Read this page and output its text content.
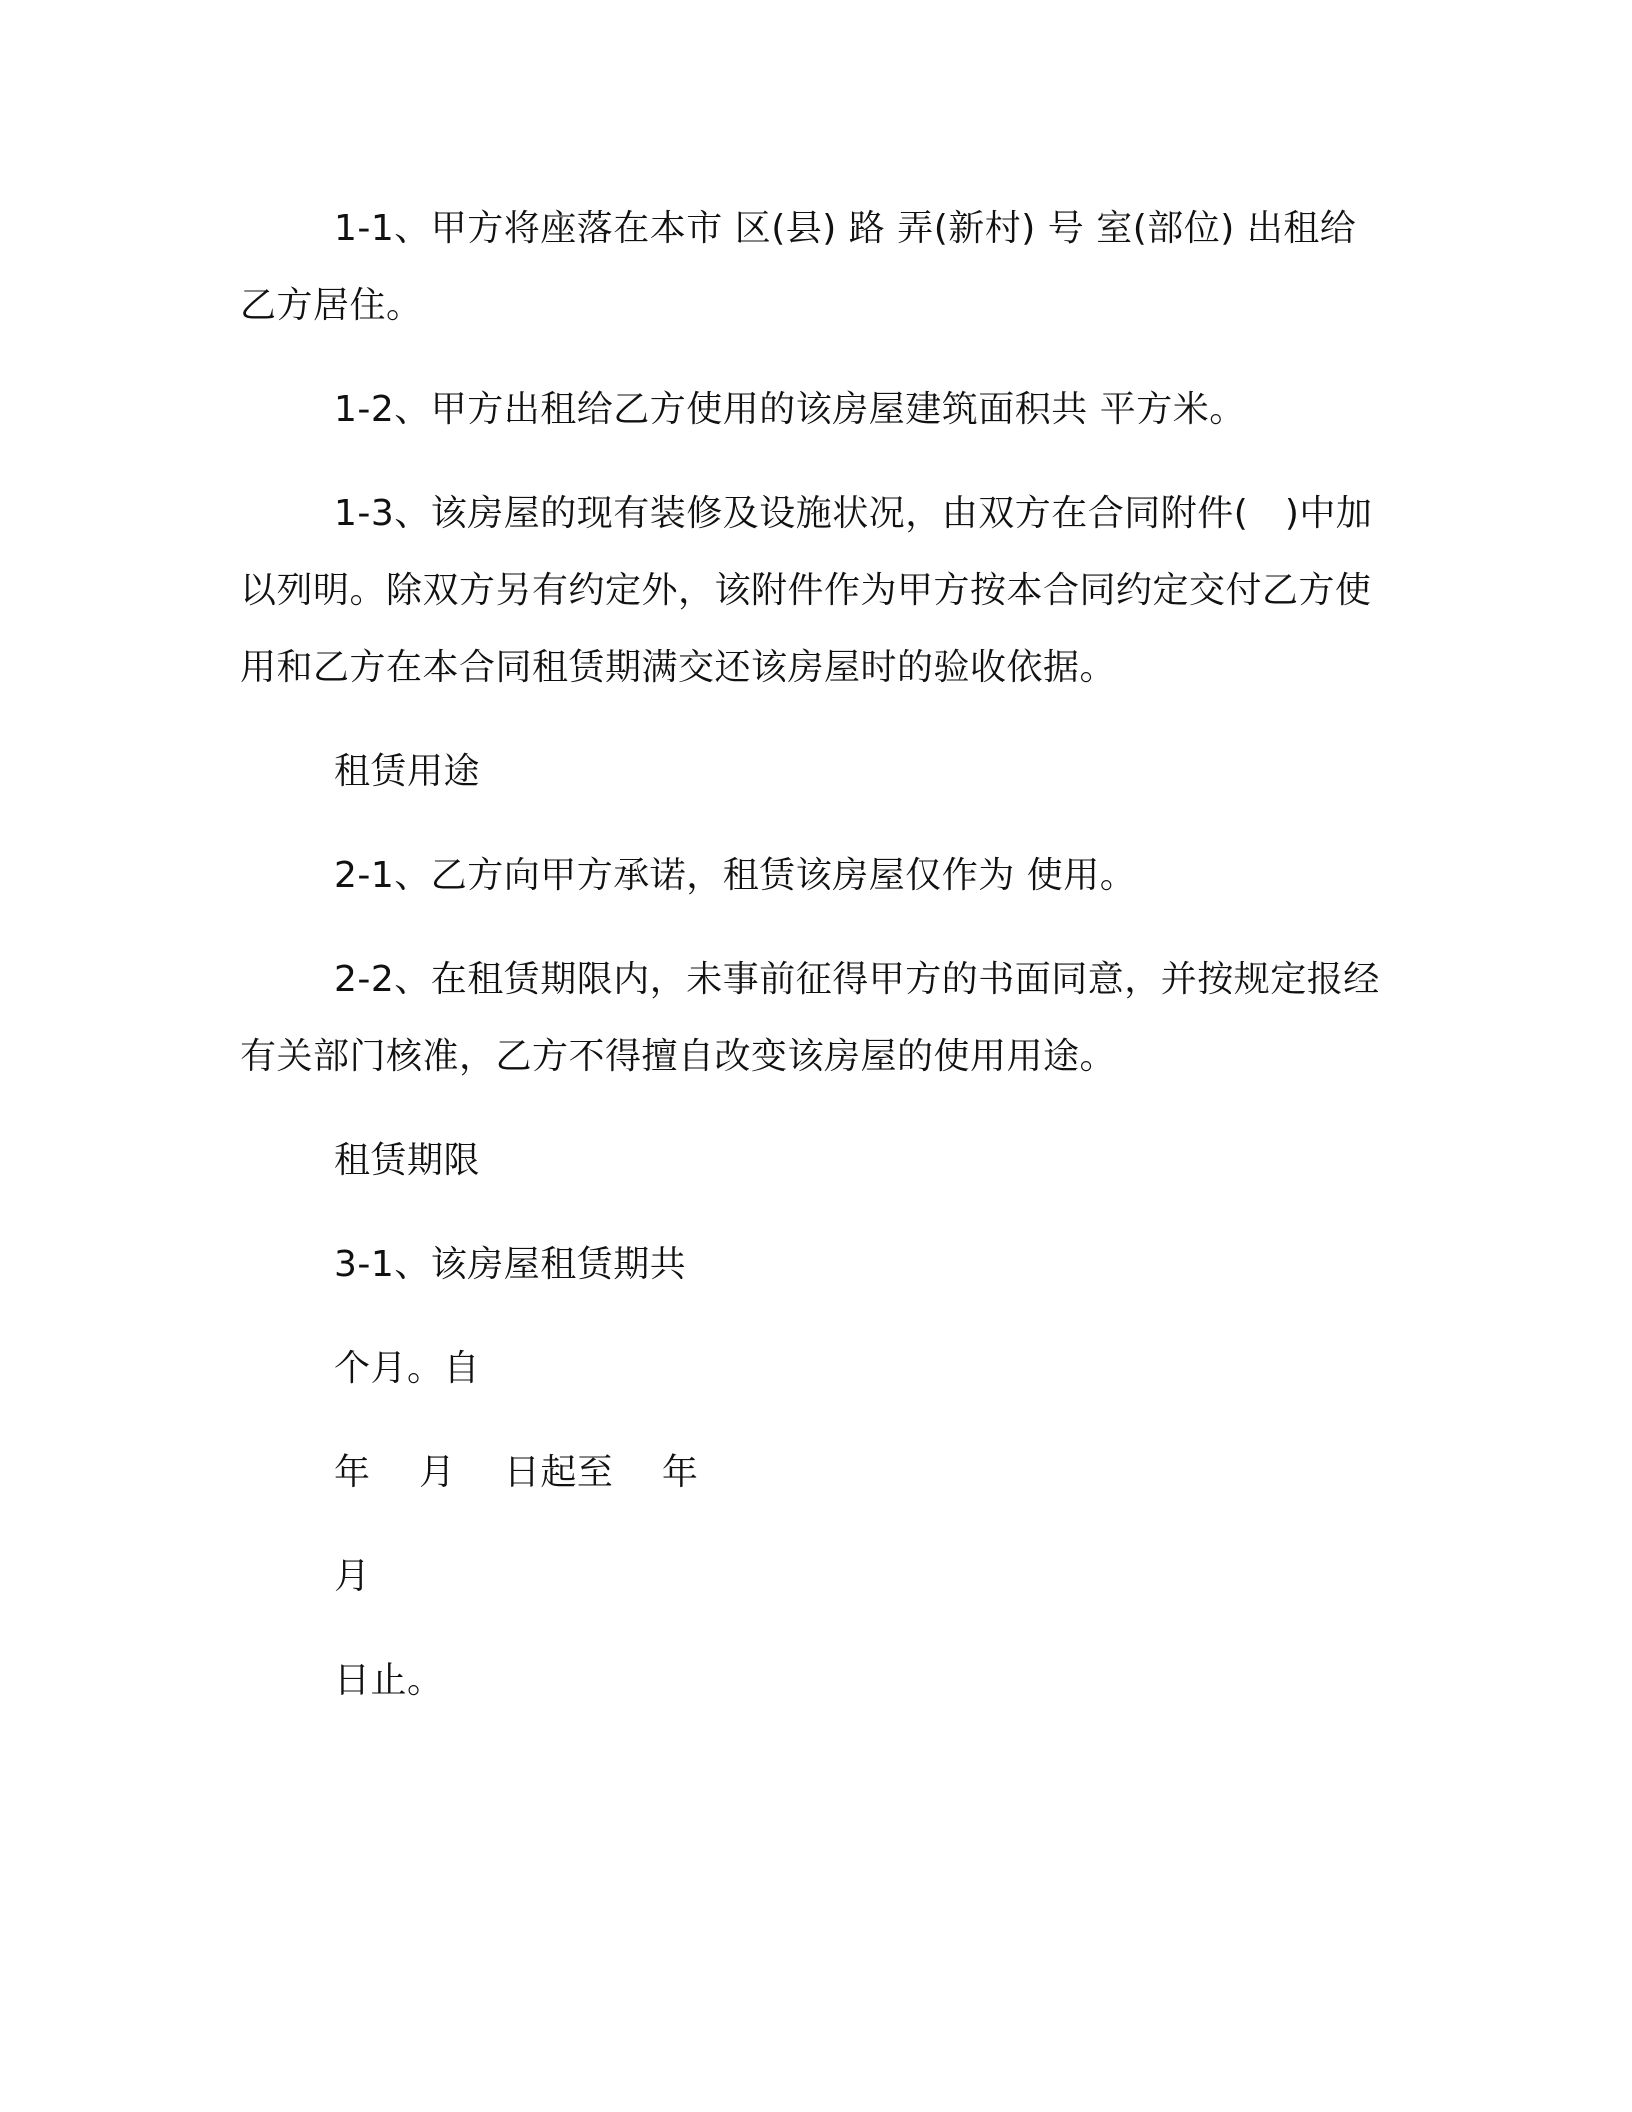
1-1、甲方将座落在本市 区(县) 路 弄(新村) 号 室(部位) 出租给乙方居住。

1-2、甲方出租给乙方使用的该房屋建筑面积共 平方米。

1-3、该房屋的现有装修及设施状况，由双方在合同附件(　)中加以列明。除双方另有约定外，该附件作为甲方按本合同约定交付乙方使用和乙方在本合同租赁期满交还该房屋时的验收依据。

租赁用途

2-1、乙方向甲方承诺，租赁该房屋仅作为 使用。

2-2、在租赁期限内，未事前征得甲方的书面同意，并按规定报经有关部门核准，乙方不得擅自改变该房屋的使用用途。

租赁期限

3-1、该房屋租赁期共

个月。自

年　 月　 日起至　 年

月

日止。
